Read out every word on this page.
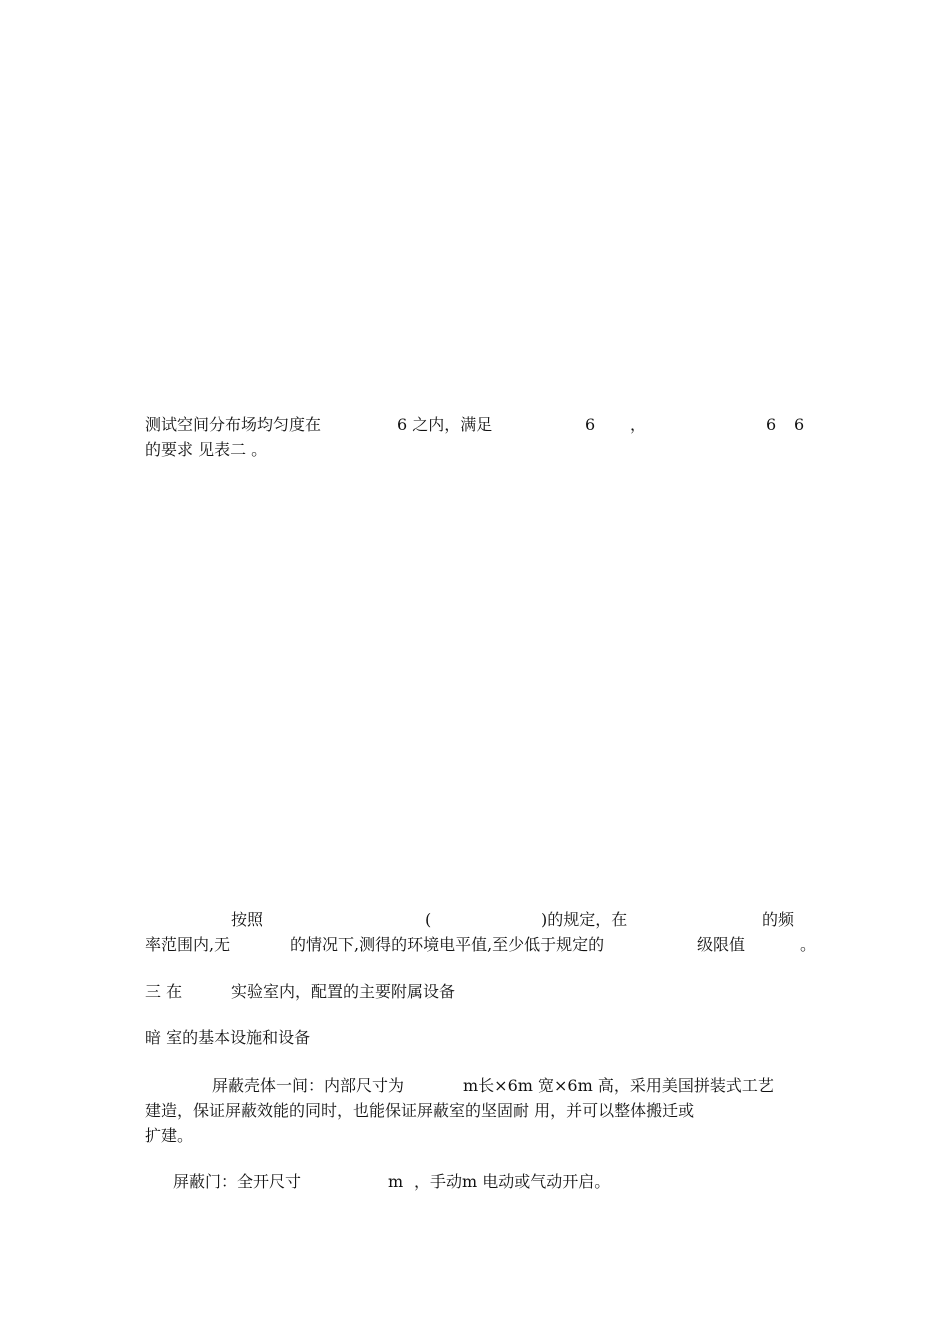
测试空间分布场均匀度在	6 之内，满足	6 ，	6 6
的要求 见表二 。
按照	(	)的规定，在	的频
率范围内,无	的情况下,测得的环境电平值,至少低于规定的	级限值	。
三 在	实验室内，配置的主要附属设备
暗 室的基本设施和设备
屏蔽壳体一间：内部尺寸为	m长×6m 宽×6m 高，采用美国拼装式工艺
建造，保证屏蔽效能的同时，也能保证屏蔽室的坚固耐 用，并可以整体搬迁或
扩建。
屏蔽门：全开尺寸	m ，手动m 电动或气动开启。
